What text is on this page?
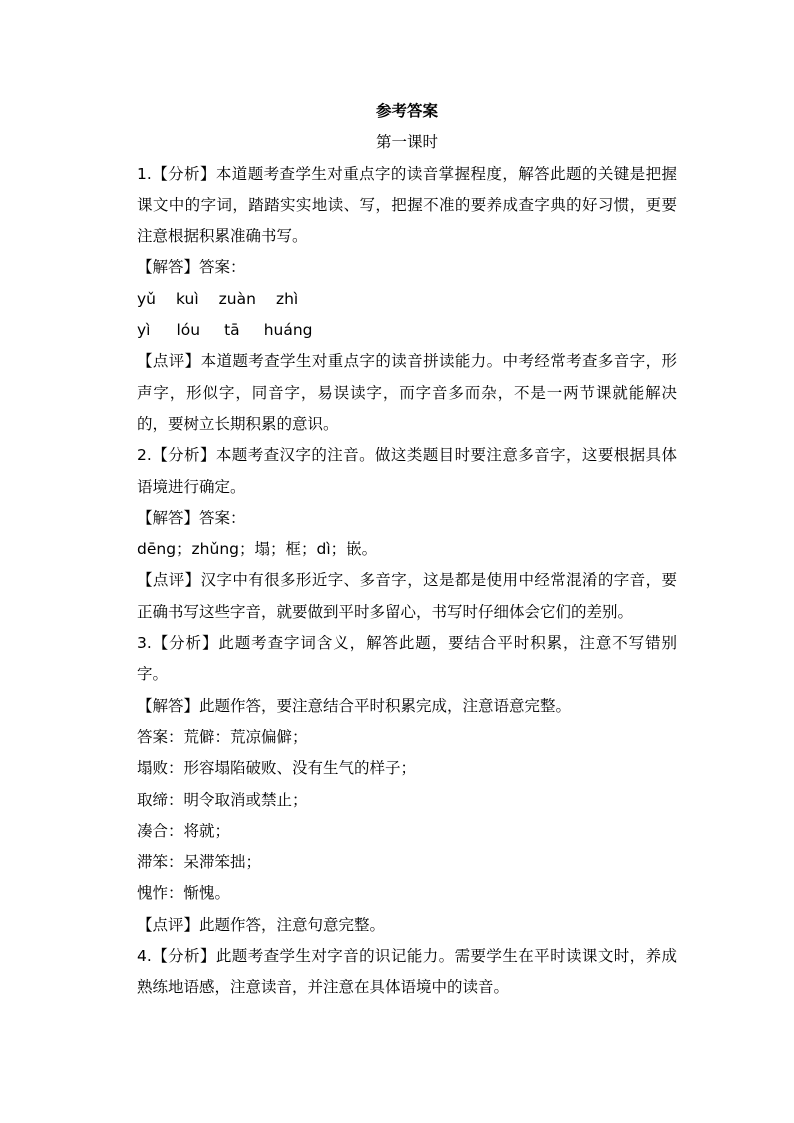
参考答案

第一课时

1.【分析】本道题考查学生对重点字的读音掌握程度，解答此题的关键是把握课文中的字词，踏踏实实地读、写，把握不准的要养成查字典的好习惯，更要注意根据积累准确书写。

【解答】答案：

yǔ kuì zuàn zhì

yì lóu tā huáng

【点评】本道题考查学生对重点字的读音拼读能力。中考经常考查多音字，形声字，形似字，同音字，易误读字，而字音多而杂，不是一两节课就能解决的，要树立长期积累的意识。

2.【分析】本题考查汉字的注音。做这类题目时要注意多音字，这要根据具体语境进行确定。

【解答】答案：

dēng；zhǔng；塌；框；dì；嵌。

【点评】汉字中有很多形近字、多音字，这是都是使用中经常混淆的字音，要正确书写这些字音，就要做到平时多留心，书写时仔细体会它们的差别。

3.【分析】此题考查字词含义，解答此题，要结合平时积累，注意不写错别字。

【解答】此题作答，要注意结合平时积累完成，注意语意完整。

答案：荒僻：荒凉偏僻；

塌败：形容塌陷破败、没有生气的样子；

取缔：明令取消或禁止；

凑合：将就；

滞笨：呆滞笨拙；

愧怍：惭愧。

【点评】此题作答，注意句意完整。

4.【分析】此题考查学生对字音的识记能力。需要学生在平时读课文时，养成熟练地语感，注意读音，并注意在具体语境中的读音。
